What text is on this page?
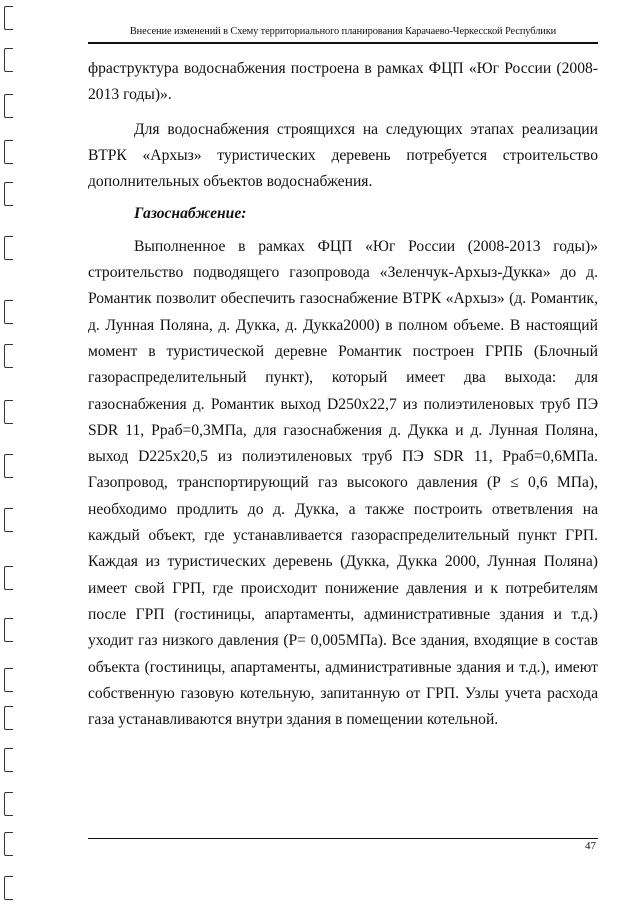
Внесение изменений в Схему территориального планирования Карачаево-Черкесской Республики

фраструктура водоснабжения построена в рамках ФЦП «Юг России (2008-2013 годы)».

Для водоснабжения строящихся на следующих этапах реализации ВТРК «Архыз» туристических деревень потребуется строительство дополнительных объектов водоснабжения.

Газоснабжение:

Выполненное в рамках ФЦП «Юг России (2008-2013 годы)» строительство подводящего газопровода «Зеленчук-Архыз-Дукка» до д. Романтик позволит обеспечить газоснабжение ВТРК «Архыз» (д. Романтик, д. Лунная Поляна, д. Дукка, д. Дукка2000) в полном объеме. В настоящий момент в туристической деревне Романтик построен ГРПБ (Блочный газораспределительный пункт), который имеет два выхода: для газоснабжения д. Романтик выход D250х22,7 из полиэтиленовых труб ПЭ SDR 11, Рраб=0,3МПа, для газоснабжения д. Дукка и д. Лунная Поляна, выход D225х20,5 из полиэтиленовых труб ПЭ SDR 11, Рраб=0,6МПа. Газопровод, транспортирующий газ высокого давления (Р ≤ 0,6 МПа), необходимо продлить до д. Дукка, а также построить ответвления на каждый объект, где устанавливается газораспределительный пункт ГРП. Каждая из туристических деревень (Дукка, Дукка 2000, Лунная Поляна) имеет свой ГРП, где происходит понижение давления и к потребителям после ГРП (гостиницы, апартаменты, административные здания и т.д.) уходит газ низкого давления (Р= 0,005МПа). Все здания, входящие в состав объекта (гостиницы, апартаменты, административные здания и т.д.), имеют собственную газовую котельную, запитанную от ГРП. Узлы учета расхода газа устанавливаются внутри здания в помещении котельной.

47
